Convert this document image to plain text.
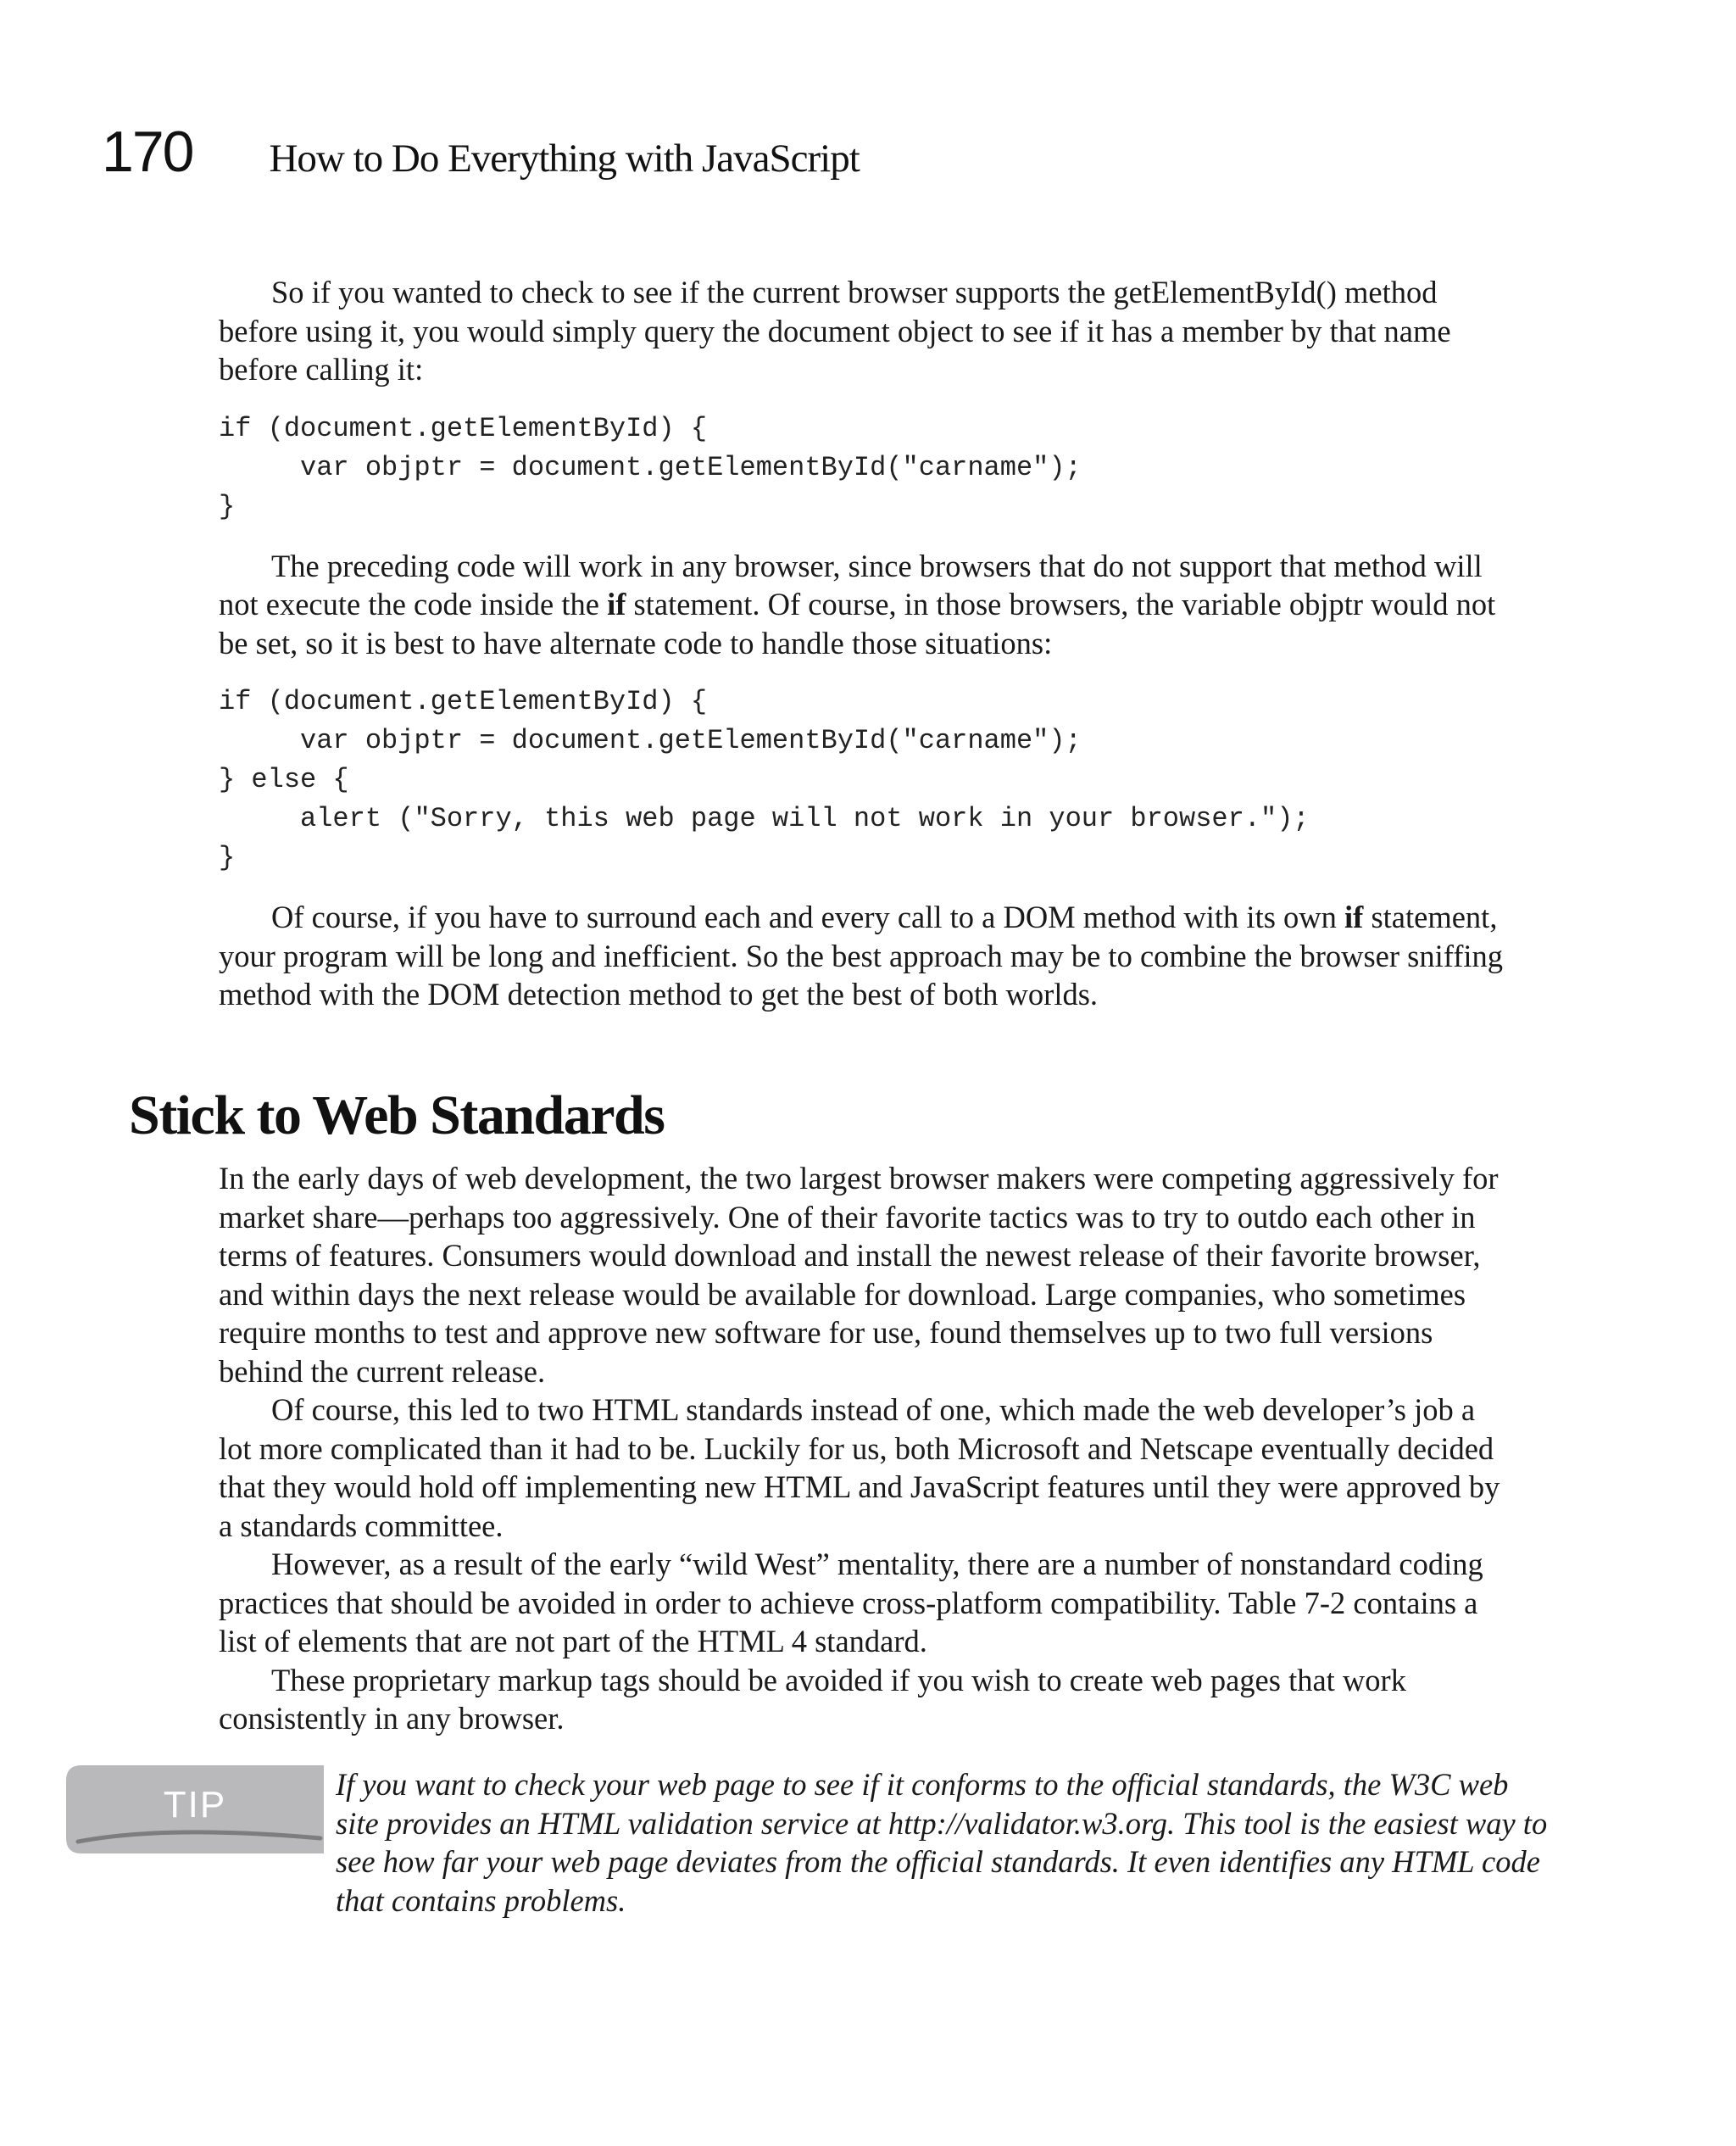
170 How to Do Everything with JavaScript

So if you wanted to check to see if the current browser supports the getElementById() method before using it, you would simply query the document object to see if it has a member by that name before calling it:

if (document.getElementById) {
var objptr = document.getElementById("carname");
}

The preceding code will work in any browser, since browsers that do not support that method will not execute the code inside the if statement. Of course, in those browsers, the variable objptr would not be set, so it is best to have alternate code to handle those situations:

if (document.getElementById) {
var objptr = document.getElementById("carname");
} else {
alert ("Sorry, this web page will not work in your browser.");
}

Of course, if you have to surround each and every call to a DOM method with its own if statement, your program will be long and inefficient. So the best approach may be to combine the browser sniffing method with the DOM detection method to get the best of both worlds.

Stick to Web Standards

In the early days of web development, the two largest browser makers were competing aggressively for market share—perhaps too aggressively. One of their favorite tactics was to try to outdo each other in terms of features. Consumers would download and install the newest release of their favorite browser, and within days the next release would be available for download. Large companies, who sometimes require months to test and approve new software for use, found themselves up to two full versions behind the current release.

Of course, this led to two HTML standards instead of one, which made the web developer’s job a lot more complicated than it had to be. Luckily for us, both Microsoft and Netscape eventually decided that they would hold off implementing new HTML and JavaScript features until they were approved by a standards committee.

However, as a result of the early “wild West” mentality, there are a number of nonstandard coding practices that should be avoided in order to achieve cross-platform compatibility. Table 7-2 contains a list of elements that are not part of the HTML 4 standard.

These proprietary markup tags should be avoided if you wish to create web pages that work consistently in any browser.

TIP	If you want to check your web page to see if it conforms to the official standards, the W3C web site provides an HTML validation service at http://validator.w3.org. This tool is the easiest way to see how far your web page deviates from the official standards. It even identifies any HTML code that contains problems.
